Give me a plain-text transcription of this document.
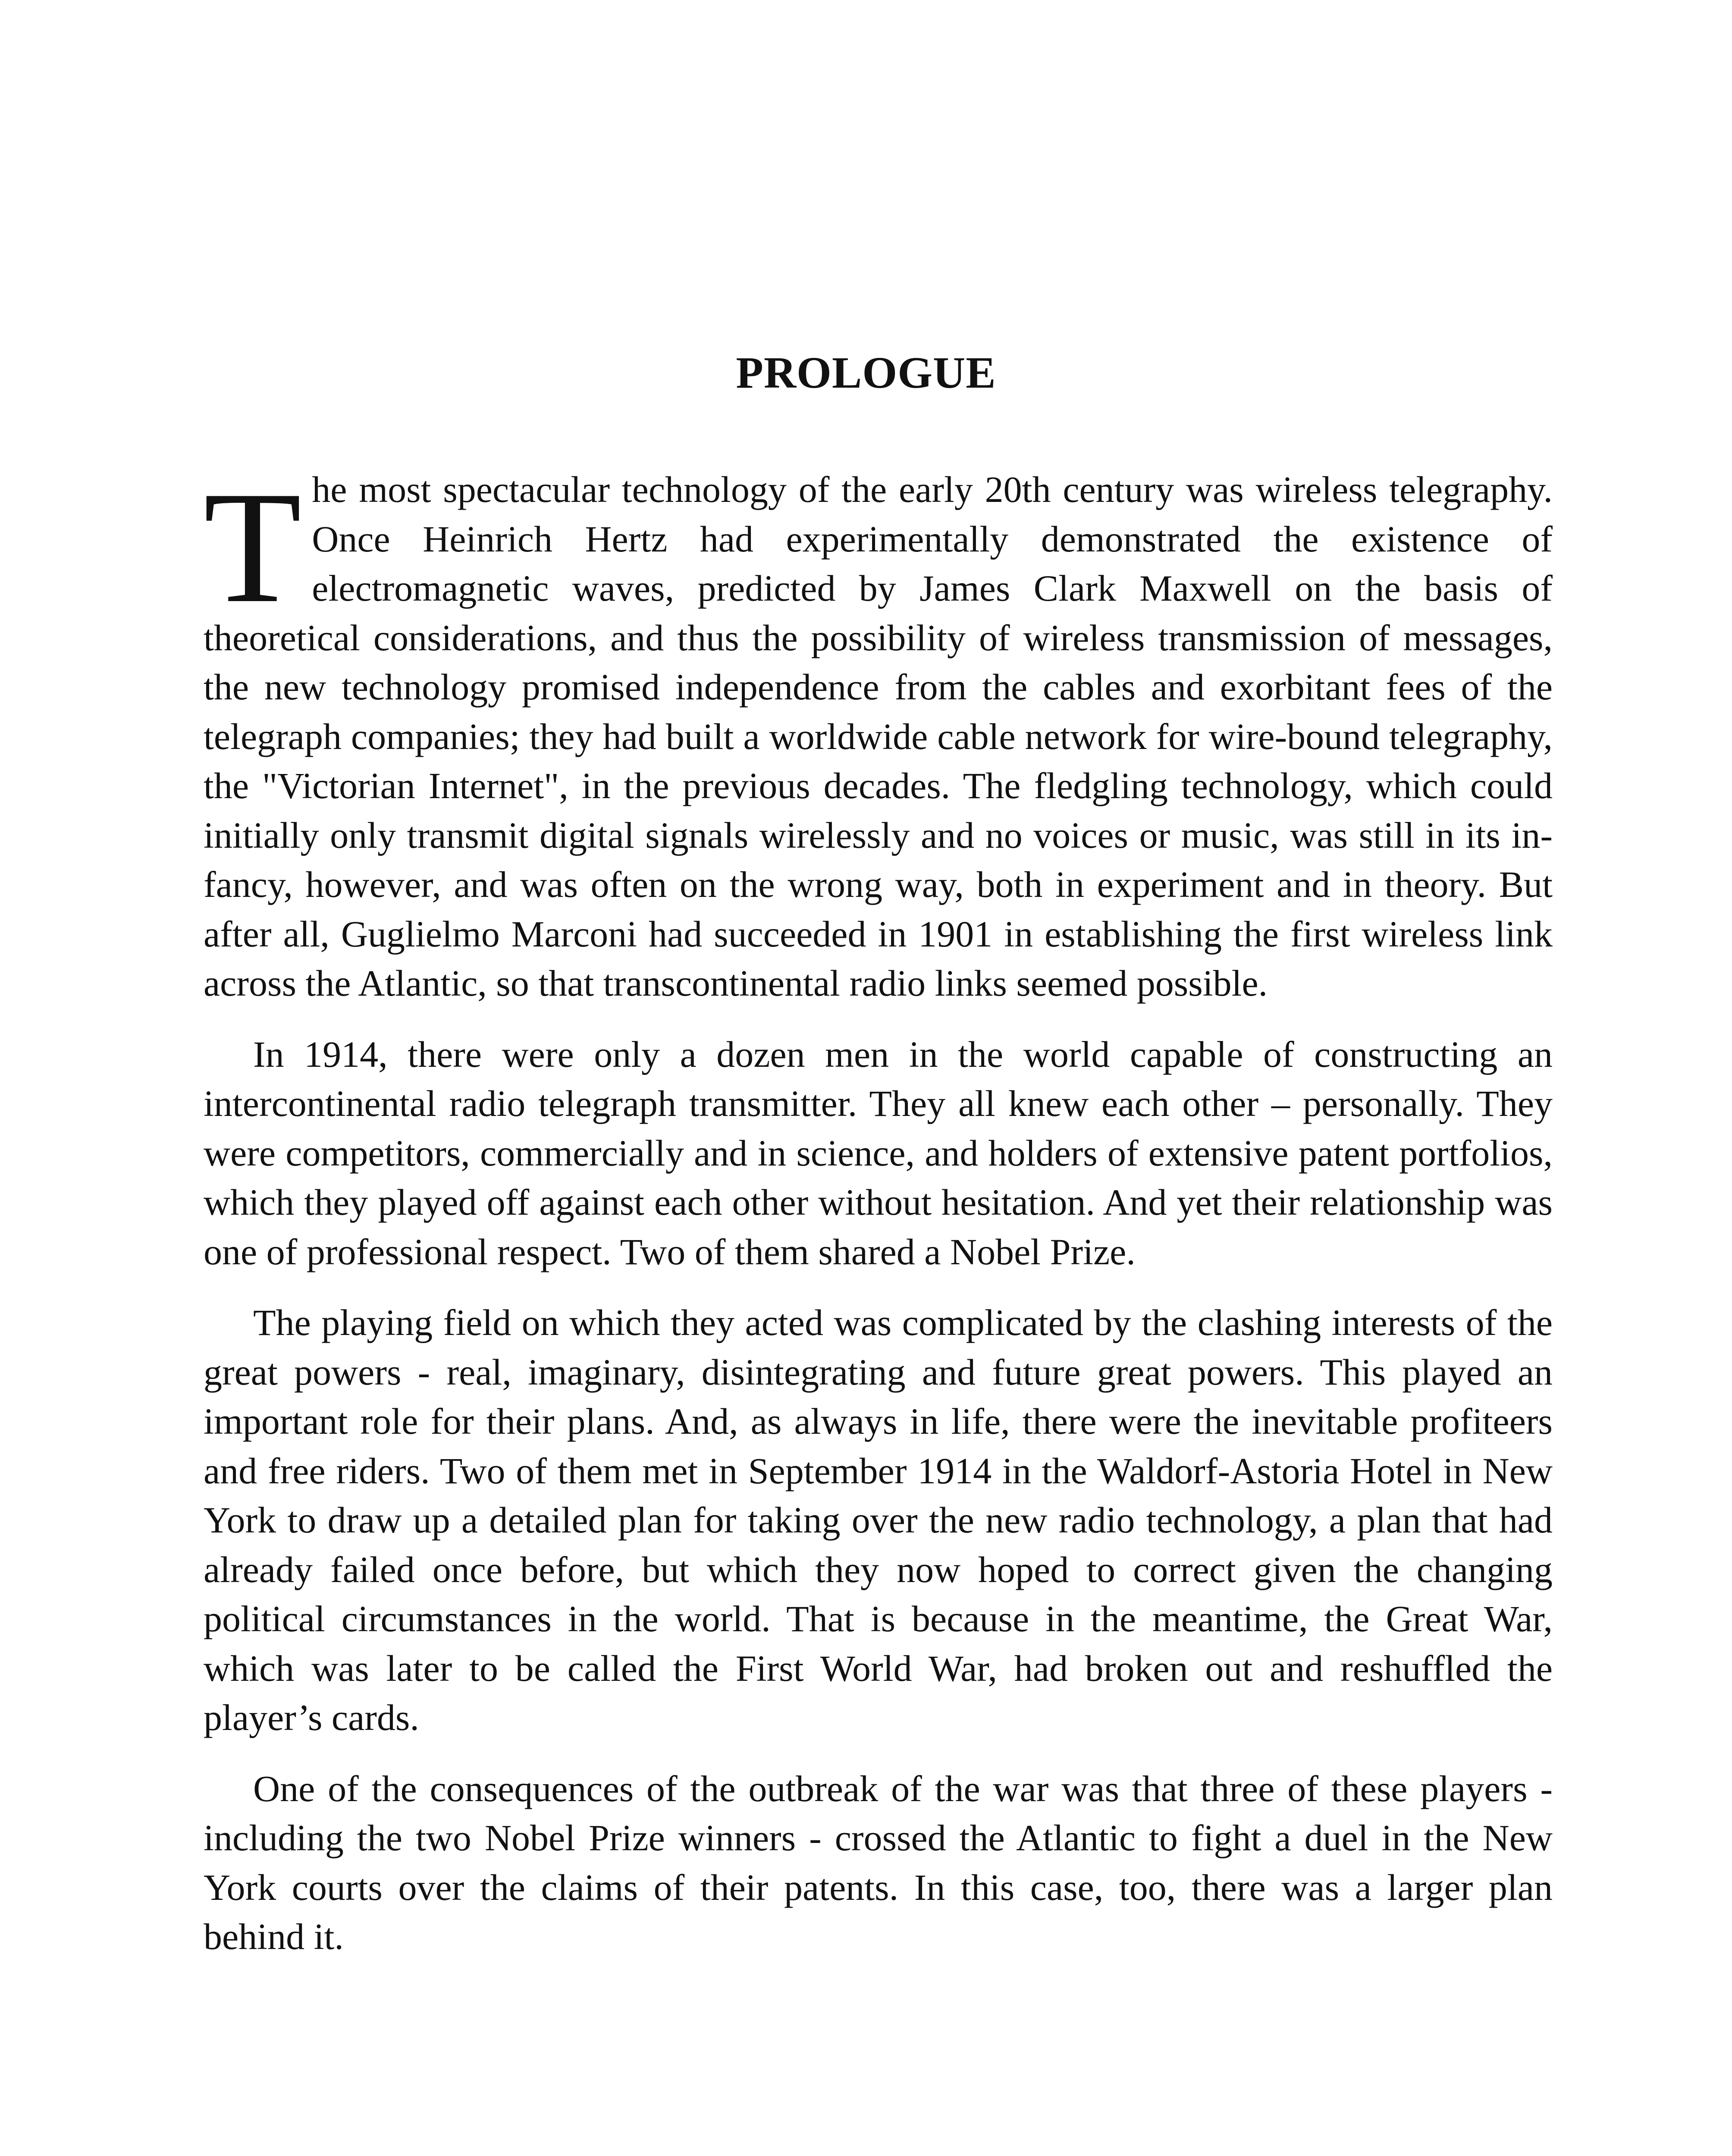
PROLOGUE

The most spectacular technology of the early 20th century was wireless telegraphy. Once Heinrich Hertz had experimentally demonstrated the existence of electromagnetic waves, predicted by James Clark Maxwell on the basis of theoretical considerations, and thus the possibility of wireless transmission of messages, the new technology promised independence from the cables and exorbitant fees of the telegraph companies; they had built a worldwide cable network for wire-bound telegraphy, the "Victorian Internet", in the previous decades. The fledgling technology, which could initially only transmit digital signals wirelessly and no voices or music, was still in its infancy, however, and was often on the wrong way, both in experiment and in theory. But after all, Guglielmo Marconi had succeeded in 1901 in establishing the first wireless link across the Atlantic, so that transcontinental radio links seemed possible.

In 1914, there were only a dozen men in the world capable of constructing an intercontinental radio telegraph transmitter. They all knew each other – personally. They were competitors, commercially and in science, and holders of extensive patent portfolios, which they played off against each other without hesitation. And yet their relationship was one of professional respect. Two of them shared a Nobel Prize.

The playing field on which they acted was complicated by the clashing interests of the great powers - real, imaginary, disintegrating and future great powers. This played an important role for their plans. And, as always in life, there were the inevitable profiteers and free riders. Two of them met in September 1914 in the Waldorf-Astoria Hotel in New York to draw up a detailed plan for taking over the new radio technology, a plan that had already failed once before, but which they now hoped to correct given the changing political circumstances in the world. That is because in the meantime, the Great War, which was later to be called the First World War, had broken out and reshuffled the player’s cards.

One of the consequences of the outbreak of the war was that three of these players - including the two Nobel Prize winners - crossed the Atlantic to fight a duel in the New York courts over the claims of their patents. In this case, too, there was a larger plan behind it.
